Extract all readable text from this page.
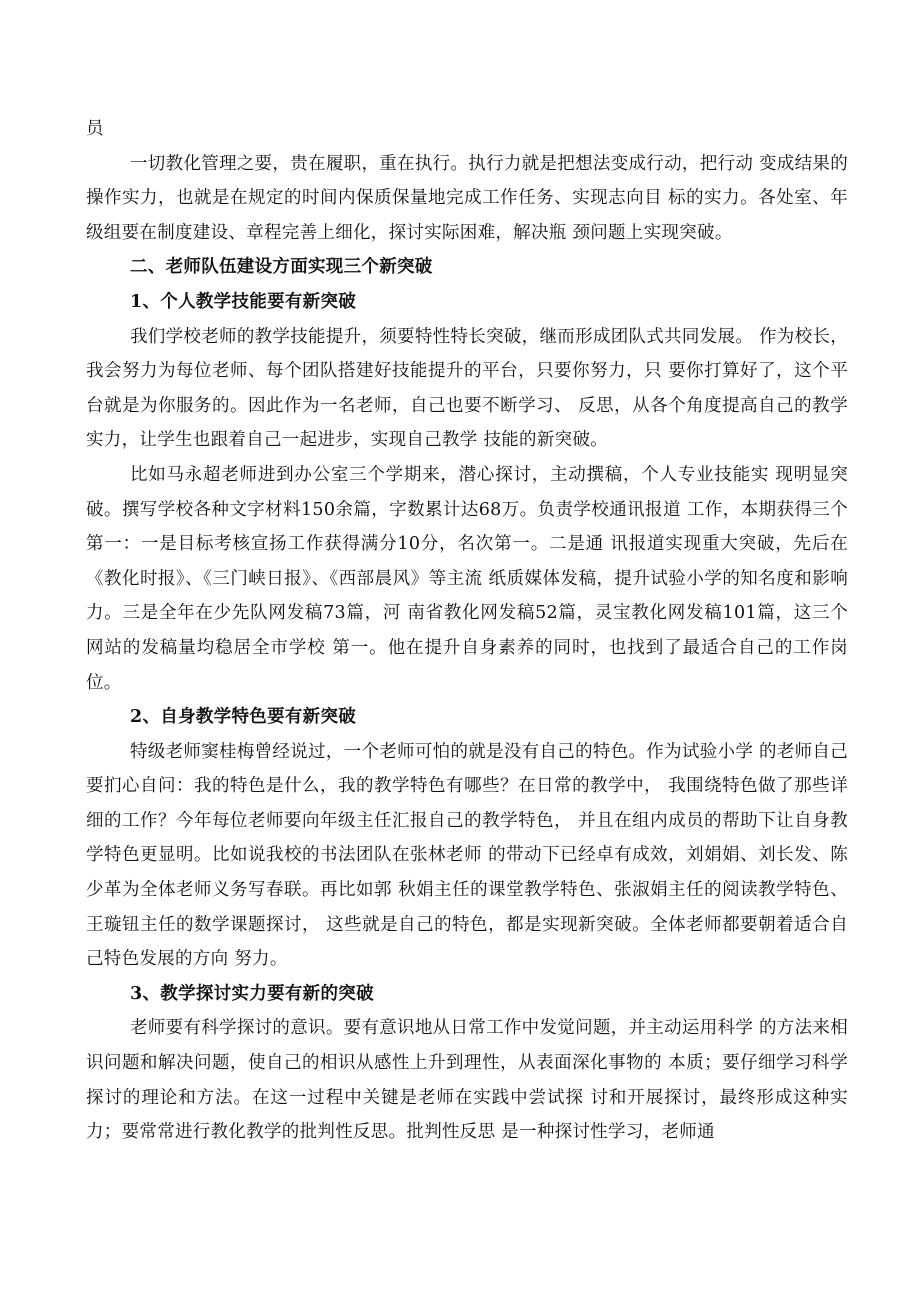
员

一切教化管理之要，贵在履职，重在执行。执行力就是把想法变成行动，把行动 变成结果的操作实力，也就是在规定的时间内保质保量地完成工作任务、实现志向目 标的实力。各处室、年级组要在制度建设、章程完善上细化，探讨实际困难，解决瓶 颈问题上实现突破。

二、老师队伍建设方面实现三个新突破

1、个人教学技能要有新突破

我们学校老师的教学技能提升，须要特性特长突破，继而形成团队式共同发展。 作为校长，我会努力为每位老师、每个团队搭建好技能提升的平台，只要你努力，只 要你打算好了，这个平台就是为你服务的。因此作为一名老师，自己也要不断学习、 反思，从各个角度提高自己的教学实力，让学生也跟着自己一起进步，实现自己教学 技能的新突破。

比如马永超老师进到办公室三个学期来，潜心探讨，主动撰稿，个人专业技能实 现明显突破。撰写学校各种文字材料150余篇，字数累计达68万。负责学校通讯报道 工作，本期获得三个第一：一是目标考核宣扬工作获得满分10分，名次第一。二是通 讯报道实现重大突破，先后在《教化时报》、《三门峡日报》、《西部晨风》等主流 纸质媒体发稿，提升试验小学的知名度和影响力。三是全年在少先队网发稿73篇，河 南省教化网发稿52篇，灵宝教化网发稿101篇，这三个网站的发稿量均稳居全市学校 第一。他在提升自身素养的同时，也找到了最适合自己的工作岗位。

2、自身教学特色要有新突破

特级老师窦桂梅曾经说过，一个老师可怕的就是没有自己的特色。作为试验小学 的老师自己要扪心自问：我的特色是什么，我的教学特色有哪些？在日常的教学中， 我围绕特色做了那些详细的工作？今年每位老师要向年级主任汇报自己的教学特色， 并且在组内成员的帮助下让自身教学特色更显明。比如说我校的书法团队在张林老师 的带动下已经卓有成效，刘娟娟、刘长发、陈少革为全体老师义务写春联。再比如郭 秋娟主任的课堂教学特色、张淑娟主任的阅读教学特色、王璇钮主任的数学课题探讨， 这些就是自己的特色，都是实现新突破。全体老师都要朝着适合自己特色发展的方向 努力。

3、教学探讨实力要有新的突破

老师要有科学探讨的意识。要有意识地从日常工作中发觉问题，并主动运用科学 的方法来相识问题和解决问题，使自己的相识从感性上升到理性，从表面深化事物的 本质；要仔细学习科学探讨的理论和方法。在这一过程中关键是老师在实践中尝试探 讨和开展探讨，最终形成这种实力；要常常进行教化教学的批判性反思。批判性反思 是一种探讨性学习，老师通
